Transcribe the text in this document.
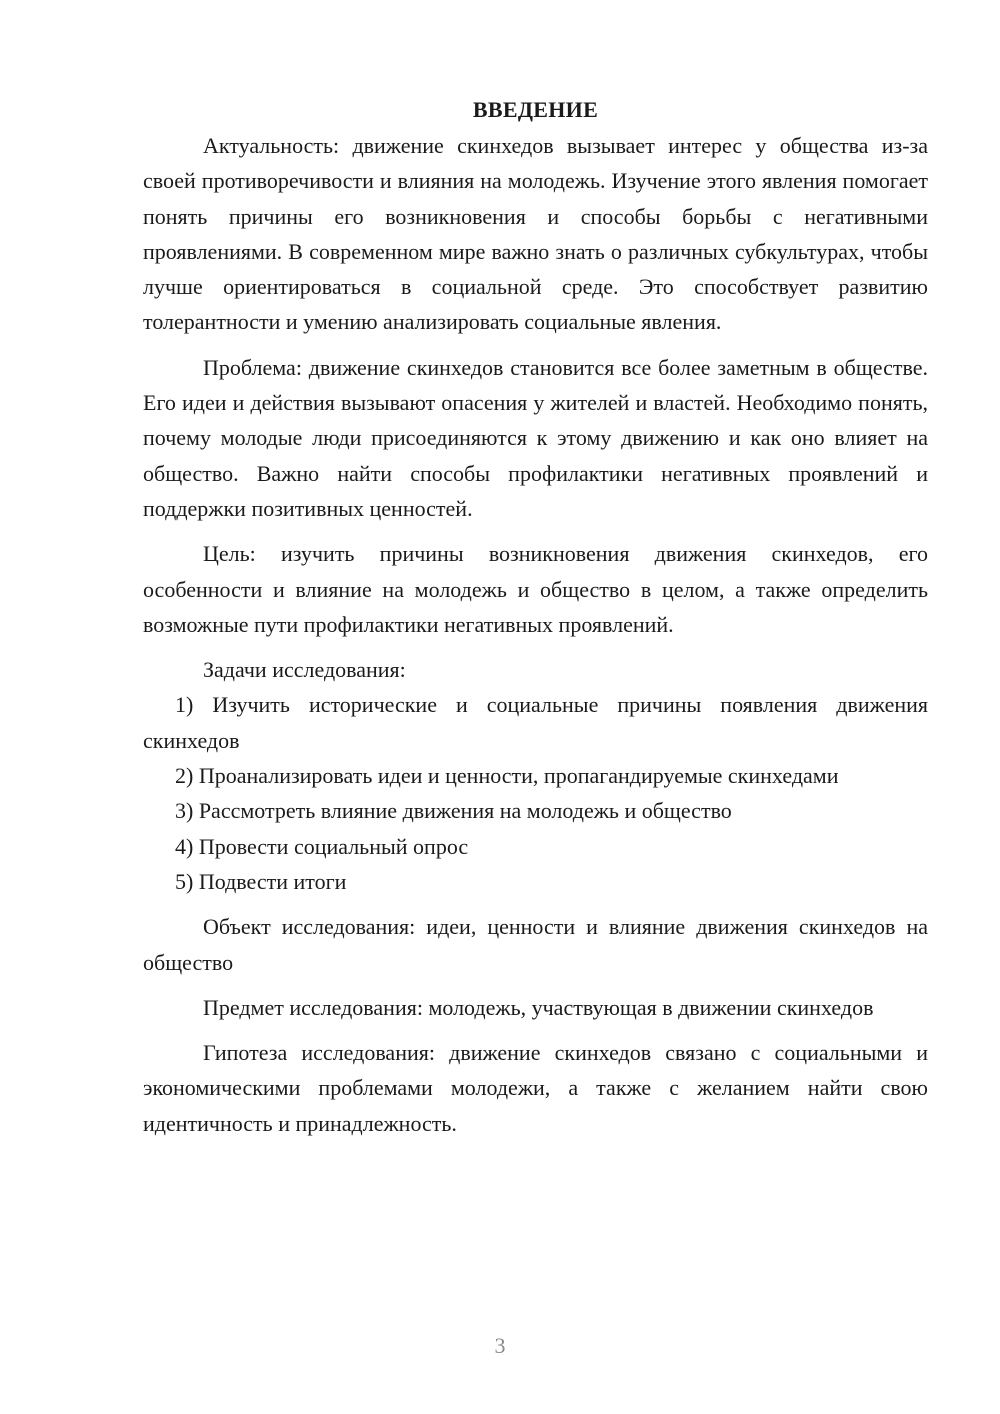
ВВЕДЕНИЕ

Актуальность: движение скинхедов вызывает интерес у общества из-за своей противоречивости и влияния на молодежь. Изучение этого явления помогает понять причины его возникновения и способы борьбы с негативными проявлениями. В современном мире важно знать о различных субкультурах, чтобы лучше ориентироваться в социальной среде. Это способствует развитию толерантности и умению анализировать социальные явления.

Проблема: движение скинхедов становится все более заметным в обществе. Его идеи и действия вызывают опасения у жителей и властей. Необходимо понять, почему молодые люди присоединяются к этому движению и как оно влияет на общество. Важно найти способы профилактики негативных проявлений и поддержки позитивных ценностей.

Цель: изучить причины возникновения движения скинхедов, его особенности и влияние на молодежь и общество в целом, а также определить возможные пути профилактики негативных проявлений.

Задачи исследования:

1) Изучить исторические и социальные причины появления движения скинхедов

2) Проанализировать идеи и ценности, пропагандируемые скинхедами

3) Рассмотреть влияние движения на молодежь и общество

4) Провести социальный опрос

5) Подвести итоги

Объект исследования: идеи, ценности и влияние движения скинхедов на общество

Предмет исследования: молодежь, участвующая в движении скинхедов

Гипотеза исследования: движение скинхедов связано с социальными и экономическими проблемами молодежи, а также с желанием найти свою идентичность и принадлежность.

3
